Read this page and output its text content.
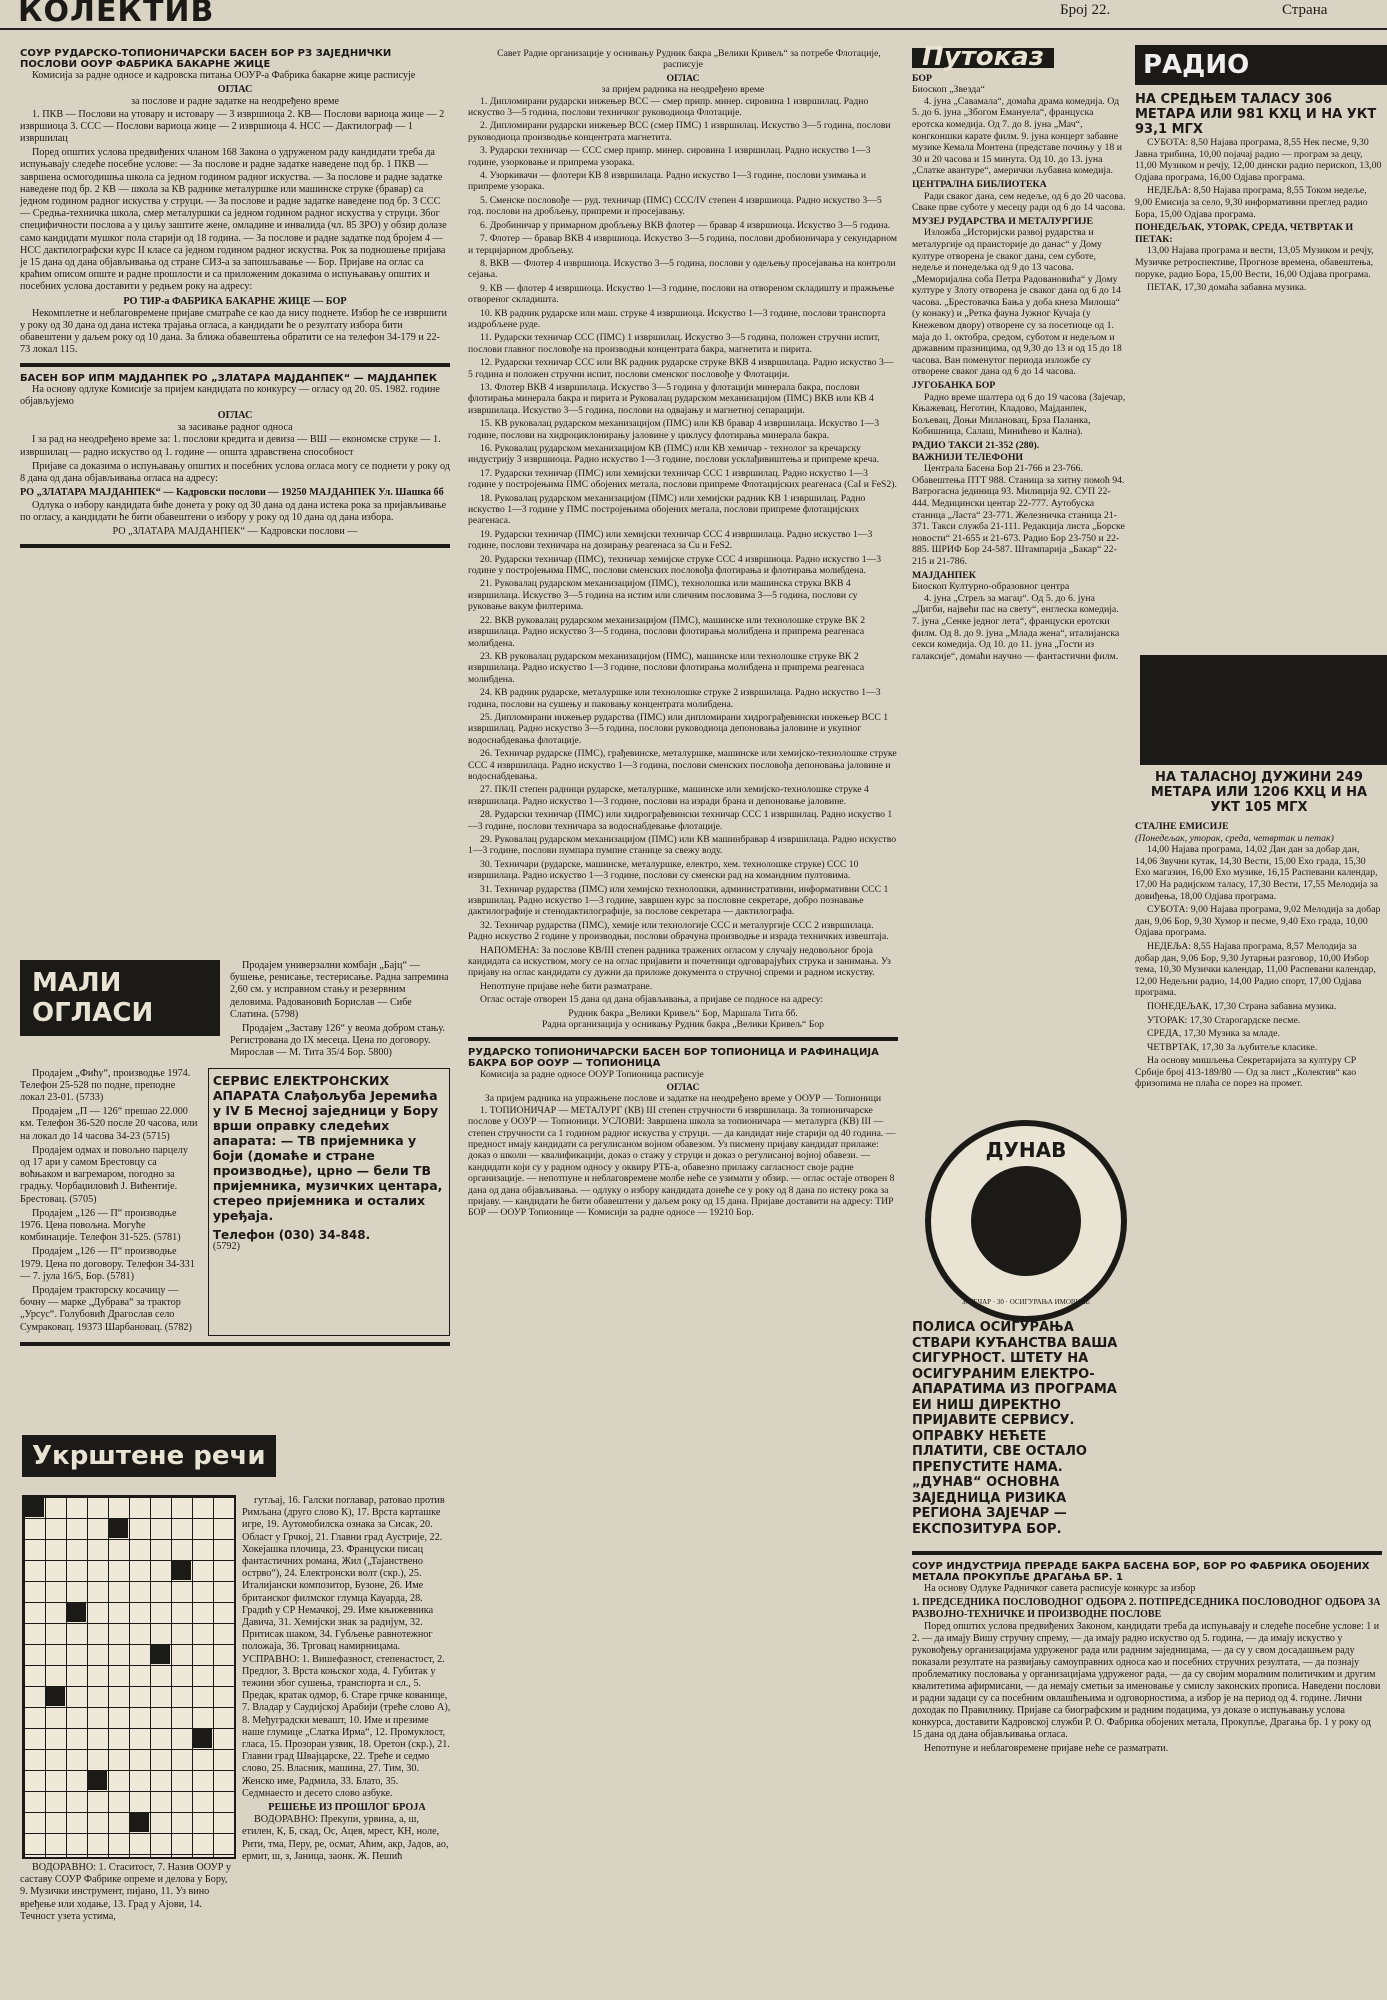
КОЛЕКТИВ	Број 22.	Страна
СОУР РУДАРСКО-ТОПИОНИЧАРСКИ БАСЕН БОР РЗ ЗАЈЕДНИЧКИ ПОСЛОВИ ООУР ФАБРИКА БАКАРНЕ ЖИЦЕ

Комисија за радне односе и кадровска питања ООУР-а Фабрика бакарне жице расписује

ОГЛАС
за послове и радне задатке на неодређено време

1. ПКВ — Послови на утовару и истовару — 3 извршиоца 2. КВ— Послови вариоца жице — 2 извршиоца 3. ССС — Послови вариоца жице — 2 извршиоца 4. НСС — Дактилограф — 1 извршилац

Поред општих услова предвиђених чланом 168 Закона о удруженом раду кандидати треба да испуњавају следеће посебне услове: — За послове и радне задатке наведене под бр. 1 ПКВ — завршена осмогодишња школа са једном годином радног искуства. — За послове и радне задатке наведене под бр. 2 КВ — школа за КВ раднике металуршке или машинске струке (бравар) са једном годином радног искуства у струци. — За послове и радне задатке наведене под бр. 3 ССС — Средња-техничка школа, смер металуршки са једном годином радног искуства у струци. Због специфичности послова а у циљу заштите жене, омладине и инвалида (чл. 85 ЗРО) у обзир долазе само кандидати мушког пола старији од 18 година. — За послове и радне задатке под бројем 4 — НСС дактилографски курс II класе са једном годином радног искуства. Рок за подношење пријава је 15 дана од дана објављивања од стране СИЗ-а за запошљавање — Бор. Пријаве на оглас са краћим описом опште и радне прошлости и са приложеним доказима о испуњавању општих и посебних услова доставити у редњем року на адресу:

РО ТИР-а ФАБРИКА БАКАРНЕ ЖИЦЕ — БОР

Некомплетне и неблаговремене пријаве сматраће се као да нису поднете. Избор ће се извршити у року од 30 дана од дана истека траjања огласа, а кандидати ће о резултату избора бити обавештени у даљем року од 10 дана. За ближа обавештења обратити се на телефон 34-179 и 22-73 локал 115.

БАСЕН БОР ИПМ МАЈДАНПЕК РО „ЗЛАТАРА МАЈДАНПЕК“ — МАЈДАНПЕК

На основу одлуке Комисије за пријем кандидата по конкурсу — огласу од 20. 05. 1982. године објављујемо

ОГЛАС
за засивање радног односа

I за рад на неодређено време за: 1. послови кредита и девиза — ВШ — економске струке — 1. извршилац — радно искуство од 1. године — општа здравствена способност

Пријаве са доказима о испуњавању општих и посебних услова огласа могу се поднети у року од 8 дана од дана објављивања огласа на адресу:

РО „ЗЛАТАРА МАЈДАНПЕК“ — Кадровски послови — 19250 МАЈДАНПЕК Ул. Шашка бб

Одлука о избору кандидата биће донета у року од 30 дана од дана истека рока за пријављивање по огласу, а кандидати ће бити обавештени о избору у року од 10 дана од дана избора.

РО „ЗЛАТАРА МАЈДАНПЕК“ — Кадровски послови —
МАЛИ ОГЛАСИ

Продајем универзални комбајн „Бајц“ — бушење, ренисање, тестерисање. Радна запремина 2,60 см. у исправном стању и резервним деловима. Радовановић Борислав — Сибе Слатина. (5798)

Продајем „Заставу 126“ у веома добром стању. Регистрована до IX месеца. Цена по договору. Мирослав — М. Тита 35/4 Бор. 5800)

Продајем „Фићу“, производње 1974. Телефон 25-528 по подне, преподне локал 23-01. (5733)

Продајем „П — 126“ прешао 22.000 км. Телефон 36-520 после 20 часова, или на локал до 14 часова 34-23 (5715)

Продајем одмах и повољно парцелу од 17 ари у самом Брестовцу са воћњаком и вагремаром, погодно за градњу. Чорбаџиловић Ј. Вићентије. Брестовац. (5705)

Продајем „126 — П“ производње 1976. Цена повољна. Могуће комбинације. Телефон 31-525. (5781)

Продајем „126 — П“ производње 1979. Цена по договору. Телефон 34-331 — 7. јула 16/5, Бор. (5781)

Продајем тракторску косачицу — бочну — марке „Дубрава“ за трактор „Урсус“. Голубовић Драгослав село Сумраковац. 19373 Шарбановац. (5782)

СЕРВИС ЕЛЕКТРОНСКИХ АПАРАТА Слађољуба Јеремића у IV Б Месној заједници у Бору врши оправку следећих апарата: — ТВ пријемника у боји (домаће и стране производње), црно — бели ТВ пријемника, музичких центара, стерео пријемника и осталих уређаја.
Телефон (030) 34-848.
(5792)
Укрштенe речи

гутљај, 16. Галски поглавар, ратовао против Римљана (друго слово К), 17. Врста карташке игре, 19. Аутомобилска ознака за Сисак, 20. Област у Грчкој, 21. Главни град Аустрије, 22. Хокејашка плочица, 23. Француски писац фантастичних романа, Жил („Тајанствено острво“), 24. Електронски волт (скр.), 25. Италијански композитор, Бузоне, 26. Име британског филмског глумца Кауарда, 28. Градић у СР Немачкој, 29. Име књижевника Давича, 31. Хемијски знак за радијум, 32. Притисак шаком, 34. Губљење равнотежног положаја, 36. Трговац намирницама. УСПРАВНО: 1. Вишефазност, степенастост, 2. Предлог, 3. Врста коњског хода, 4. Губитак у тежини због сушења, транспорта и сл., 5. Предак, кратак одмор, 6. Старе грчке кованице, 7. Владар у Саудијској Арабији (треће слово А), 8. Међуградски мевашт, 10. Име и презиме наше глумице „Слатка Ирма“, 12. Промуклост, гласа, 15. Прозоран узвик, 18. Оретон (скр.), 21. Главни град Швајцарске, 22. Треће и седмо слово, 25. Власник, машина, 27. Тим, 30. Женско име, Радмила, 33. Блато, 35. Седмнаесто и десето слово азбуке.

РЕШЕЊЕ ИЗ ПРОШЛОГ БРОЈА

ВОДОРАВНО: Прекупи, урвина, а, ш, етилен, К, Б, скад, Ос, Ацев, мрест, КН, ноле, Рити, тма, Перу, ре, осмат, Аћим, акр, Јадов, ао, ермит, ш, з, Јаница, заонк. Ж. Пешић

ВОДОРАВНО: 1. Стаситост, 7. Назив ООУР у саставу СОУР Фабрике опреме и делова у Бору, 9. Музички инструмент, пијано, 11. Уз вино вређење или ходање, 13. Град у Ајови, 14. Течност узета устима,

Савет Радне организације у оснивању Рудник бакра „Велики Кривељ“ за потребе Флотације, расписује

ОГЛАС
за пријем радника на неодређено време

1. Дипломирани рударски инжењер ВСС — смер припр. минер. сировина 1 извршилац. Радно искуство 3—5 година, послови техничког руководиоца Флотације.

2. Дипломирани рударски инжењер ВСС (смер ПМС) 1 извршилац. Искуство 3—5 година, послови руководиоца производње концентрата магнетита.

3. Рударски техничар — ССС смер припр. минер. сировина 1 извршилац. Радно искуство 1—3 године, узорковање и припрема узорака.

4. Узоркивачи — флотери КВ 8 извршилаца. Радно искуство 1—3 године, послови узимања и припреме узорака.

5. Сменске пословође — руд. техничар (ПМС) ССС/IV степен 4 извршиоца. Радно искуство 3—5 год. послови на дробљењу, припреми и просејавању.

6. Дробиничар у примарном дробљењу ВКВ флотер — бравар 4 извршиоца. Искуство 3—5 година.

7. Флотер — бравар ВКВ 4 извршиоца. Искуство 3—5 година, послови дробионичара у секундарном и терцијарном дробљењу.

8. ВКВ — Флотер 4 извршиоца. Искуство 3—5 година, послови у одељењу просејавања на контроли сејања.

9. КВ — флотер 4 извршиоца. Искуство 1—3 године, послови на отвореном складишту и пражњење отвореног складишта.

10. КВ радник рударске или маш. струке 4 извршиоца. Искуство 1—3 године, послови транспорта издробљене руде.

11. Рударски техничар ССС (ПМС) 1 извршилац. Искуство 3—5 година, положен стручни испит, послови главног пословође на производњи концентрата бакра, магнетита и пирита.

12. Рударски техничар ССС или ВК радник рударске струке ВКВ 4 извршилаца. Радно искуство 3—5 година и положен стручни испит, послови сменског пословође у Флотацији.

13. Флотер ВКВ 4 извршилаца. Искуство 3—5 година у флотацији минерала бакра, послови флотирања минерала бакра и пирита и Руковалац рударском механизацијом (ПМС) ВКВ или КВ 4 извршилаца. Искуство 3—5 година, послови на одвајању и магнетној сепарацији.

15. КВ руковалац рударском механизацијом (ПМС) или КВ бравар 4 извршилаца. Искуство 1—3 године, послови на хидроциклонирању јаловине у циклусу флотирања минерала бакра.

16. Руковалац рударском механизацијом КВ (ПМС) или КВ хемичар - технолог за кречарску индустрију 3 извршиоца. Радно искуство 1—3 године, послови усклађивиштења и припреме креча.

17. Рударски техничар (ПМС) или хемијски техничар ССС 1 извршилац. Радно искуство 1—3 године у постројењима ПМС обојених метала, послови припреме Флотацијских реагенаса (CaI и FeS2).

18. Руковалац рударском механизацијом (ПМС) или хемијски радник КВ 1 извршилац. Радно искуство 1—3 године у ПМС постројењима обојених метала, послови припреме флотацијских реагенаса.

19. Рударски техничар (ПМС) или хемијски техничар ССС 4 извршилаца. Радно искуство 1—3 године, послови техничара на дозирању реагенаса за Cu и FeS2.

20. Рударски техничар (ПМС), техничар хемијске струке ССС 4 извршиоцa. Радно искуство 1—3 године у постројењима ПМС, послови сменских пословођа флотирања и флотирања молибдена.

21. Руковалац рударском механизацијом (ПМС), технолошка или машинска струка ВКВ 4 извршилаца. Искуство 3—5 година на истим или сличним пословима 3—5 година, послови су руковање вакум филтерима.

22. ВКВ руковалац рударском механизацијом (ПМС), машинске или технолошке струке ВК 2 извршилаца. Радно искуство 3—5 година, послови флотирања молибдена и припрема реагенаса молибдена.

23. КВ руковалац рударском механизацијом (ПМС), машинске или технолошке струке ВК 2 извршилаца. Радно искуство 1—3 године, послови флотирања молибдена и припрема реагенаса молибдена.

24. КВ радник рударске, металуршке или технолошке струке 2 извршилаца. Радно искуство 1—3 година, послови на сушењу и паковању концентрата молибдена.

25. Дипломирани инжењер рударства (ПМС) или дипломирани хидрограђевински инжењер ВСС 1 извршилац. Радно искуство 3—5 година, послови руководиоца депоновања јаловине и укупног водоснабдевања флотације.

26. Техничар рударске (ПМС), грађевинске, металуршке, машинске или хемијско-технолошке струке ССС 4 извршилаца. Радно искуство 1—3 година, послови сменских пословођа депоновања јаловине и водоснабдевања.

27. ПК/II степен радници рударске, металуршке, машинске или хемијско-технолошке струке 4 извршилаца. Радно искуство 1—3 године, послови на изради брана и депоновање јаловине.

28. Рударски техничар (ПМС) или хидрограђевински техничар ССС 1 извршилац. Радно искуство 1—3 године, послови техничара за водоснабдевање флотације.

29. Руковалац рударском механизацијом (ПМС) или КВ машинбравар 4 извршилаца. Радно искуство 1—3 године, послови пумпара пумпне станице за свежу воду.

30. Техничари (рударске, машинске, металуршке, електро, хем. технолошке струке) ССС 10 извршилаца. Радно искуство 1—3 године, послови су сменски рад на командним пултовима.

31. Техничар рударства (ПМС) или хемијско технолошки, административни, информативни ССС 1 извршилац. Радно искуство 1—3 године, завршен курс за пословне секретаре, добро познавање дактилографије и стенодактилографије, за послове секретара — дактилографа.

32. Техничар рударства (ПМС), хемије или технологије ССС и металургије ССС 2 извршилаца. Радно искуство 2 године у производњи, послови обрачуна производње и израда техничких извештаја.

НАПОМЕНА: За послове КВ/III степен радника тражених огласом у случају недовољног броја кандидата са искуством, могу се на оглас пријавити и почетници одговарајућих струка и занимања. Уз пријаву на оглас кандидати су дужни да приложе документа о стручној спреми и радном искуству.

Непотпуне пријаве неће бити разматране.

Оглас остаје отворен 15 дана од дана објављивања, а пријаве се подносе на адресу:

Рудник бакра „Велики Кривељ“ Бор, Маршала Тита бб.
Радна организација у оснивању Рудник бакра „Велики Кривељ“ Бор
РУДАРСКО ТОПИОНИЧАРСКИ БАСЕН БОР ТОПИОНИЦА И РАФИНАЦИЈА БАКРА БОР ООУР — ТОПИОНИЦА

Комисија за радне односе ООУР Топионица расписује

ОГЛАС
За пријем радника на упражњене послове и задатке на неодређено време у ООУР — Топионици

1. ТОПИОНИЧАР — МЕТАЛУРГ (КВ) III степен стручности 6 извршилаца. За топионичарске послове у ООУР — Топионици. УСЛОВИ: Завршена школа за топионичара — металурга (КВ) III — степен стручности са 1 годином радног искуства у струци. — да кандидат није старији од 40 година. — предност имају кандидати са регулисаном војном обавезом. Уз писмену пријаву кандидат прилаже: доказ о школи — квалификацији, доказ о стажу у струци и доказ о регулисаној војној обавези. — кандидати који су у радном односу у оквиру РТБ-а, обавезно прилажу сагласност своје радне организације. — непотпуне и неблаговремене молбе неће се узимати у обзир. — оглас остаје отворен 8 дана од дана објављивања. — одлуку о избору кандидата донеће се у року од 8 дана по истеку рока за пријаву. — кандидати ће бити обавештени у даљем року од 15 дана. Пријаве доставити на адресу: ТИР БОР — ООУР Топионице — Комисији за радне односе — 19210 Бор.

Путоказ
БОР
Биоскоп „Звезда“

4. јуна „Савамала“, домаћа драма комедија. Од 5. до 6. јуна „Збогом Емануела“, француска еротска комедија. Од 7. до 8. јуна „Мач“, конгконшки карате филм. 9. јуна концерт забавне музике Кемала Монтена (представе почињу у 18 и 30 и 20 часова и 15 минута. Од 10. до 13. јуна „Слатке авантуре“, амерички љубавна комедија.

ЦЕНТРАЛНА БИБЛИОТЕКА

Ради сваког дана, сем недеље, од 6 до 20 часова. Сваке прве суботе у месецу ради од 6 до 14 часова.

МУЗЕЈ РУДАРСТВА И МЕТАЛУРГИЈЕ

Изложба „Историјски развој рударства и металургије од праисторије до данас“ у Дому културе отворена је сваког дана, сем суботе, недеље и понедељка од 9 до 13 часова. „Меморијална соба Петра Радовановића“ у Дому културе у Злоту отворена је сваког дана од 6 до 14 часова. „Брестовачка Бања у доба кнеза Милоша“ (у конаку) и „Ретка фауна Јужног Кучаја (у Кнежевом двору) отворене су за посетиоце од 1. маја до 1. октобра, средом, суботом и недељом и државним празницима, од 9,30 до 13 и од 15 до 18 часова. Ван поменутог периода изложбе су отворене сваког дана од 6 до 14 часова.

ЈУГОБАНКА БОР

Радно време шалтера од 6 до 19 часова (Зајечар, Књажевац, Неготин, Кладово, Мајданпек, Бољевац, Доњи Милановац, Брза Паланка, Кобишница, Салаш, Минићево и Кална).

РАДИО ТАКСИ 21-352 (280).
ВАЖНИЈИ ТЕЛЕФОНИ

Централа Басена Бор 21-766 и 23-766. Обавештења ПТТ 988. Станица за хитну помоћ 94. Ватрогасна јединица 93. Милиција 92. СУП 22-444. Медицински центар 22-777. Аутобуска станица „Ласта“ 23-771. Железничка станица 21-371. Такси служба 21-111. Редакција листа „Борске новости“ 21-655 и 21-673. Радио Бор 23-750 и 22-885. ШРИФ Бор 24-587. Штампарија „Бакар“ 22-215 и 21-786.

МАЈДАНПЕК
Биоскоп Културно-образовног центра

4. јуна „Стрељ за магаџ“. Од 5. до 6. јуна „Дигби, највећи пас на свету“, енглеска комедија. 7. јуна „Сенке једног лета“, француски еротски филм. Од 8. до 9. јуна „Млада жена“, италијанска секси комедија. Од 10. до 11. јуна „Гости из галаксије“, домаћи научно — фантастични филм.

ДУНАВ
ЗАЈЕЧАР · 30 · ОСИГУРАЊА ИМОВИНЕ
ПОЛИСА ОСИГУРАЊА СТВАРИ КУЋАНСТВА ВАША СИГУРНОСТ. ШТЕТУ НА ОСИГУРАНИМ ЕЛЕКТРО-АПАРАТИМА ИЗ ПРОГРАМА ЕИ НИШ ДИРЕКТНО ПРИЈАВИТЕ СЕРВИСУ. ОПРАВКУ НЕЋЕТЕ ПЛАТИТИ, СВЕ ОСТАЛО ПРЕПУСТИТЕ НАМА. „ДУНАВ“ ОСНОВНА ЗАЈЕДНИЦА РИЗИКА РЕГИОНА ЗАЈЕЧАР — ЕКСПОЗИТУРА БОР.
РАДИО
НА СРЕДЊЕМ ТАЛАСУ 306 МЕТАРА ИЛИ 981 КХЦ И НА УКТ 93,1 МГХ

СУБОТА: 8,50 Најава програма, 8,55 Нек песме, 9,30 Јавна трибина, 10,00 појачај радио — програм за децу, 11,00 Музиком и речју, 12,00 дински радио перископ, 13,00 Одјава програма, 16,00 Одјава програма.

НЕДЕЉА: 8,50 Најава програма, 8,55 Током недеље, 9,00 Емисија за село, 9,30 информативни преглед радио Бора, 15,00 Одјава програма.

ПОНЕДЕЉАК, УТОРАК, СРЕДА, ЧЕТВРТАК И ПЕТАК:

13,00 Најава програма и вести, 13,05 Музиком и речју, Музичке ретроспективе, Прогнозе времена, обавештења, порукe, радио Бора, 15,00 Вести, 16,00 Одјава програма.

ПЕТАК, 17,30 домаћа забавна музика.

НА ТАЛАСНОЈ ДУЖИНИ 249 МЕТАРА ИЛИ 1206 КХЦ И НА УКТ 105 МГХ
СТАЛНЕ ЕМИСИЈЕ
(Понедељак, уторак, среда, четвртак и петак)

14,00 Најава програма, 14,02 Дан дан за добар дан, 14,06 Звучни кутак, 14,30 Вести, 15,00 Ехо града, 15,30 Ехо магазин, 16,00 Ехо музике, 16,15 Распевани календар, 17,00 На радијском таласу, 17,30 Вести, 17,55 Мелодија за довиђења, 18,00 Одјава програма.

СУБОТА: 9,00 Најава програма, 9,02 Мелодија за добар дан, 9,06 Бор, 9,30 Хумор и песме, 9,40 Ехо града, 10,00 Одјава програма.

НЕДЕЉА: 8,55 Најава програма, 8,57 Мелодија за добар дан, 9,06 Бор, 9,30 Јутарњи разговор, 10,00 Избор тема, 10,30 Музички календар, 11,00 Распевани календар, 12,00 Недељни радио, 14,00 Радио спорт, 17,00 Одјава програма.

ПОНЕДЕЉАК, 17,30 Страна забавна музика.

УТОРАК: 17,30 Старогардске песме.

СРЕДА, 17,30 Музика за младе.

ЧЕТВРТАК, 17,30 За љубитеље класике.

На основу мишљења Секретаријата за културу СР Србије број 413-189/80 — Од за лист „Колектив“ као фризопима не плаћа се порез на промет.

СОУР ИНДУСТРИЈА ПРЕРАДЕ БАКРА БАСЕНА БОР, БОР РО ФАБРИКА ОБОЈЕНИХ МЕТАЛА ПРОКУПЉЕ ДРАГАЊА БР. 1

На основу Одлуке Радничког савета расписује конкурс за избор

1. ПРЕДСЕДНИКА ПОСЛОВОДНОГ ОДБОРА 2. ПОТПРЕДСЕДНИКА ПОСЛОВОДНОГ ОДБОРА ЗА РАЗВОЈНО-ТЕХНИЧКЕ И ПРОИЗВОДНЕ ПОСЛОВЕ

Поред општих услова предвиђених Законом, кандидати треба да испуњавају и следеће посебне услове: 1 и 2. — да имају Вишу стручну спрему, — да имају радно искуство од 5. година, — да имају искуство у руковођењу организацијама удруженог рада или радним заједницама, — да су у свом досадашњем раду показали резултате на развијању самоуправних односа као и посебних стручних резултата, — да познају проблематику пословања у организацијама удруженог рада, — да су својим моралним политичким и другим квалитетима афирмисани, — да немају сметњи за именовање у смислу законских прописа. Наведени послови и радни задаци су са посебним овлашћењима и одговорностима, а избор је на период од 4. године. Лични доходак по Правилнику. Пријаве са биографским и радним подацима, уз доказе о испуњавању услова конкурса, доставити Кадровској служби Р. О. Фабрика обојених метала, Прокупље, Драгања бр. 1 у року од 15 дана од дана објављивања огласа.

Непотпуне и неблаговремене пријаве неће се разматрати.
